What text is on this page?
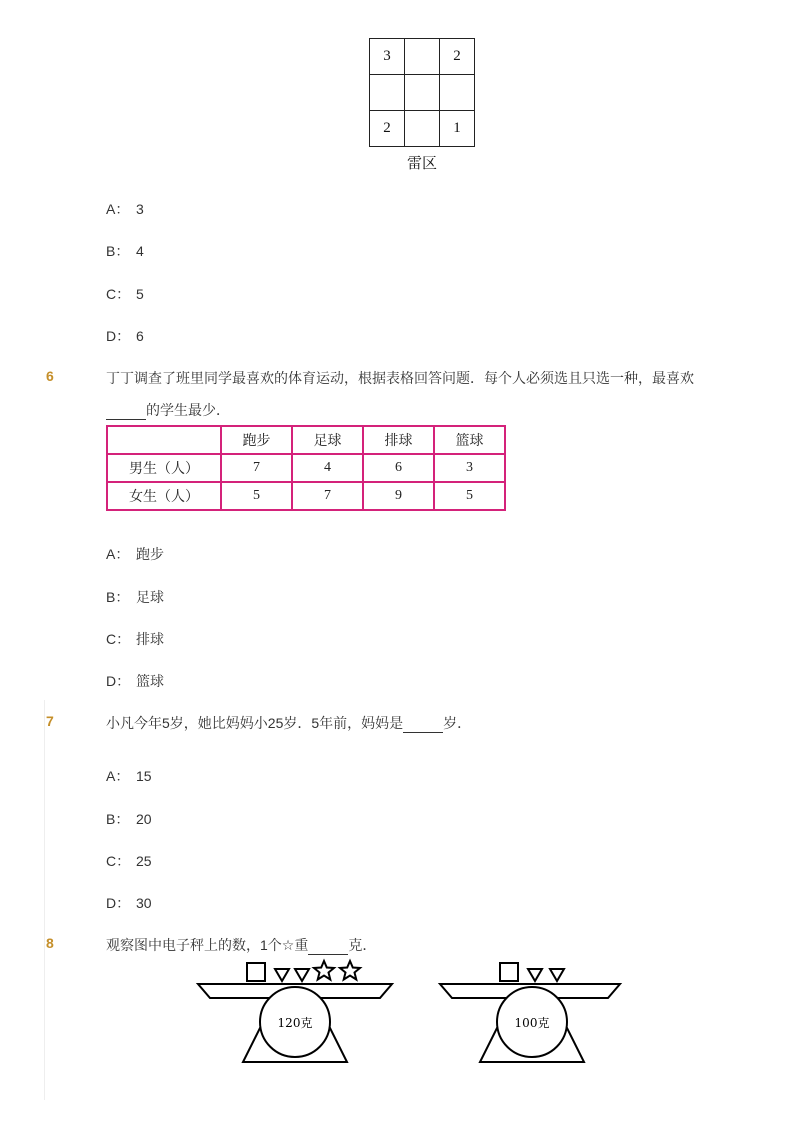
3		2

2		1
雷区
A： 3
B： 4
C： 5
D： 6
6	丁丁调查了班里同学最喜欢的体育运动，根据表格回答问题．每个人必须选且只选一种，最喜欢
的学生最少．
	跑步	足球	排球	篮球
男生（人）	7	4	6	3
女生（人）	5	7	9	5
A： 跑步
B： 足球
C： 排球
D： 篮球
7	小凡今年5岁，她比妈妈小25岁．5年前，妈妈是	岁．
A： 15
B： 20
C： 25
D： 30
8	观察图中电子秤上的数，1个☆重	克．
120克	100克
